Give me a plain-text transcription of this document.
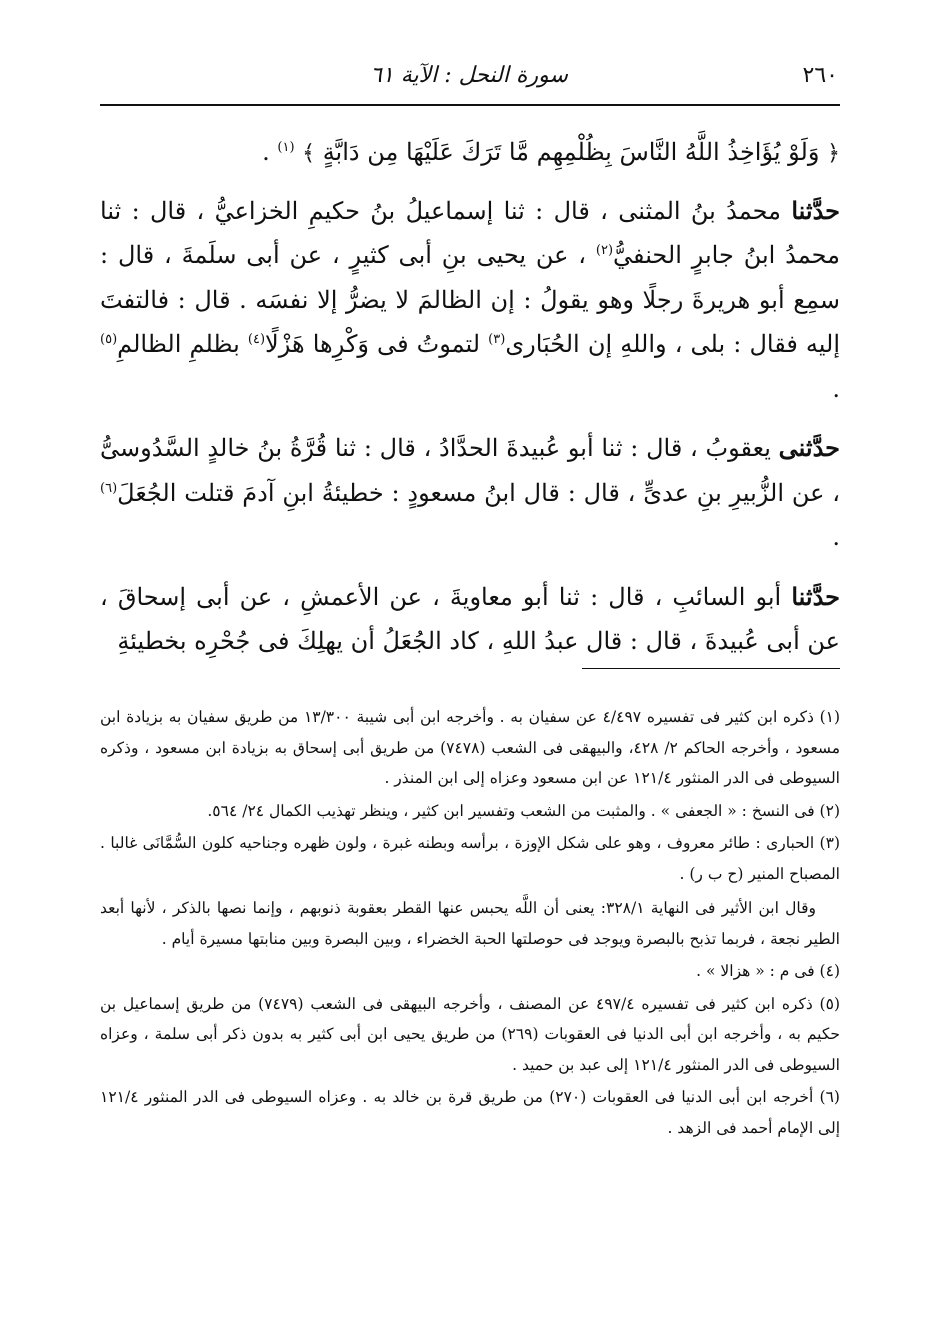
٢٦٠
سورة النحل : الآية ٦١

﴿ وَلَوْ يُؤَاخِذُ اللَّهُ النَّاسَ بِظُلْمِهِم مَّا تَرَكَ عَلَيْهَا مِن دَابَّةٍ ﴾ $^{(١)}$ .

حدَّثنا محمدُ بنُ المثنى ، قال : ثنا إسماعيلُ بنُ حكيمِ الخزاعيُّ ، قال : ثنا محمدُ ابنُ جابرٍ الحنفيُّ$^{(٢)}$ ، عن يحيى بنِ أبى كثيرٍ ، عن أبى سلَمةَ ، قال : سمِع أبو هريرةَ رجلًا وهو يقولُ : إن الظالمَ لا يضرُّ إلا نفسَه . قال : فالتفتَ إليه فقال : بلى ، واللهِ إن الحُبَارى$^{(٣)}$ لتموتُ فى وَكْرِها هَزْلًا$^{(٤)}$ بظلمِ الظالمِ$^{(٥)}$ .

حدَّثنى يعقوبُ ، قال : ثنا أبو عُبيدةَ الحدَّادُ ، قال : ثنا قُرَّةُ بنُ خالدٍ السَّدُوسىُّ ، عن الزُّبيرِ بنِ عدىٍّ ، قال : قال ابنُ مسعودٍ : خطيئةُ ابنِ آدمَ قتلت الجُعَلَ$^{(٦)}$ .

حدَّثنا أبو السائبِ ، قال : ثنا أبو معاويةَ ، عن الأعمشِ ، عن أبى إسحاقَ ، عن أبى عُبيدةَ ، قال : قال عبدُ اللهِ ، كاد الجُعَلُ أن يهلِكَ فى جُحْرِه بخطيئةِ

(١) ذكره ابن كثير فى تفسيره ٤/٤٩٧ عن سفيان به . وأخرجه ابن أبى شيبة ١٣/٣٠٠ من طريق سفيان به بزيادة ابن مسعود ، وأخرجه الحاكم ٢/ ٤٢٨، والبيهقى فى الشعب (٧٤٧٨) من طريق أبى إسحاق به بزيادة ابن مسعود ، وذكره السيوطى فى الدر المنثور ١٢١/٤ عن ابن مسعود وعزاه إلى ابن المنذر .

(٢) فى النسخ : « الجعفى » . والمثبت من الشعب وتفسير ابن كثير ، وينظر تهذيب الكمال ٢٤/ ٥٦٤.

(٣) الحبارى : طائر معروف ، وهو على شكل الإوزة ، برأسه وبطنه غبرة ، ولون ظهره وجناحيه كلون السُّمَّانَى غالبا . المصباح المنير (ح ب ر) .

وقال ابن الأثير فى النهاية ٣٢٨/١: يعنى أن اللَّه يحبس عنها القطر بعقوبة ذنوبهم ، وإنما نصها بالذكر ، لأنها أبعد الطير نجعة ، فربما تذبح بالبصرة ويوجد فى حوصلتها الحبة الخضراء ، وبين البصرة وبين منابتها مسيرة أيام .

(٤) فى م : « هزالا » .

(٥) ذكره ابن كثير فى تفسيره ٤٩٧/٤ عن المصنف ، وأخرجه البيهقى فى الشعب (٧٤٧٩) من طريق إسماعيل بن حكيم به ، وأخرجه ابن أبى الدنيا فى العقوبات (٢٦٩) من طريق يحيى ابن أبى كثير به بدون ذكر أبى سلمة ، وعزاه السيوطى فى الدر المنثور ١٢١/٤ إلى عبد بن حميد .

(٦) أخرجه ابن أبى الدنيا فى العقوبات (٢٧٠) من طريق قرة بن خالد به . وعزاه السيوطى فى الدر المنثور ١٢١/٤ إلى الإمام أحمد فى الزهد .
